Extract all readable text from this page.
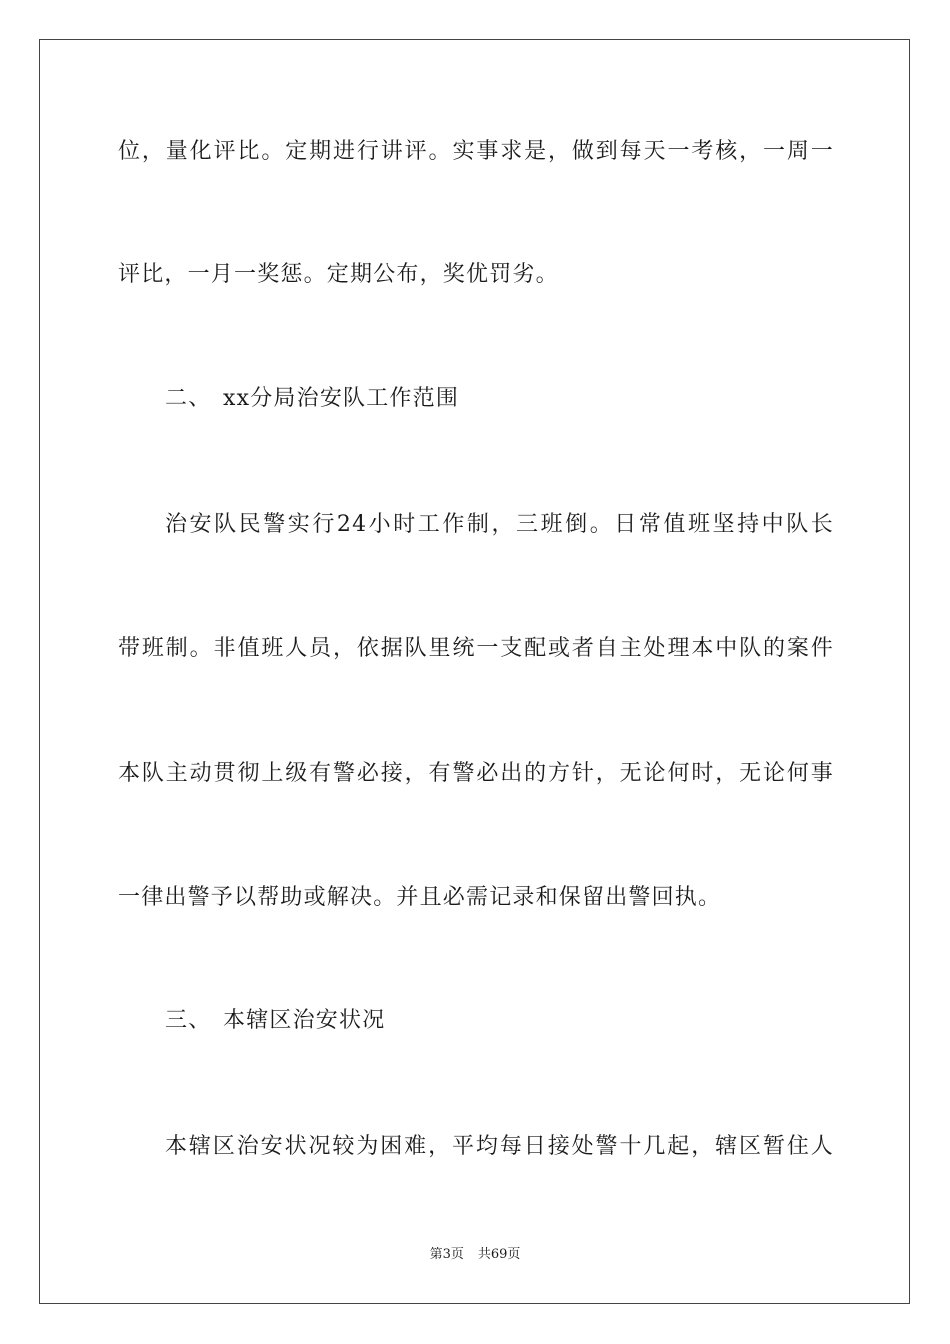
位，量化评比。定期进行讲评。实事求是，做到每天一考核，一周一
评比，一月一奖惩。定期公布，奖优罚劣。
二、 xx分局治安队工作范围
治安队民警实行24小时工作制，三班倒。日常值班坚持中队长
带班制。非值班人员，依据队里统一支配或者自主处理本中队的案件
本队主动贯彻上级有警必接，有警必出的方针，无论何时，无论何事
一律出警予以帮助或解决。并且必需记录和保留出警回执。
三、 本辖区治安状况
本辖区治安状况较为困难，平均每日接处警十几起，辖区暂住人
第3页 共69页
